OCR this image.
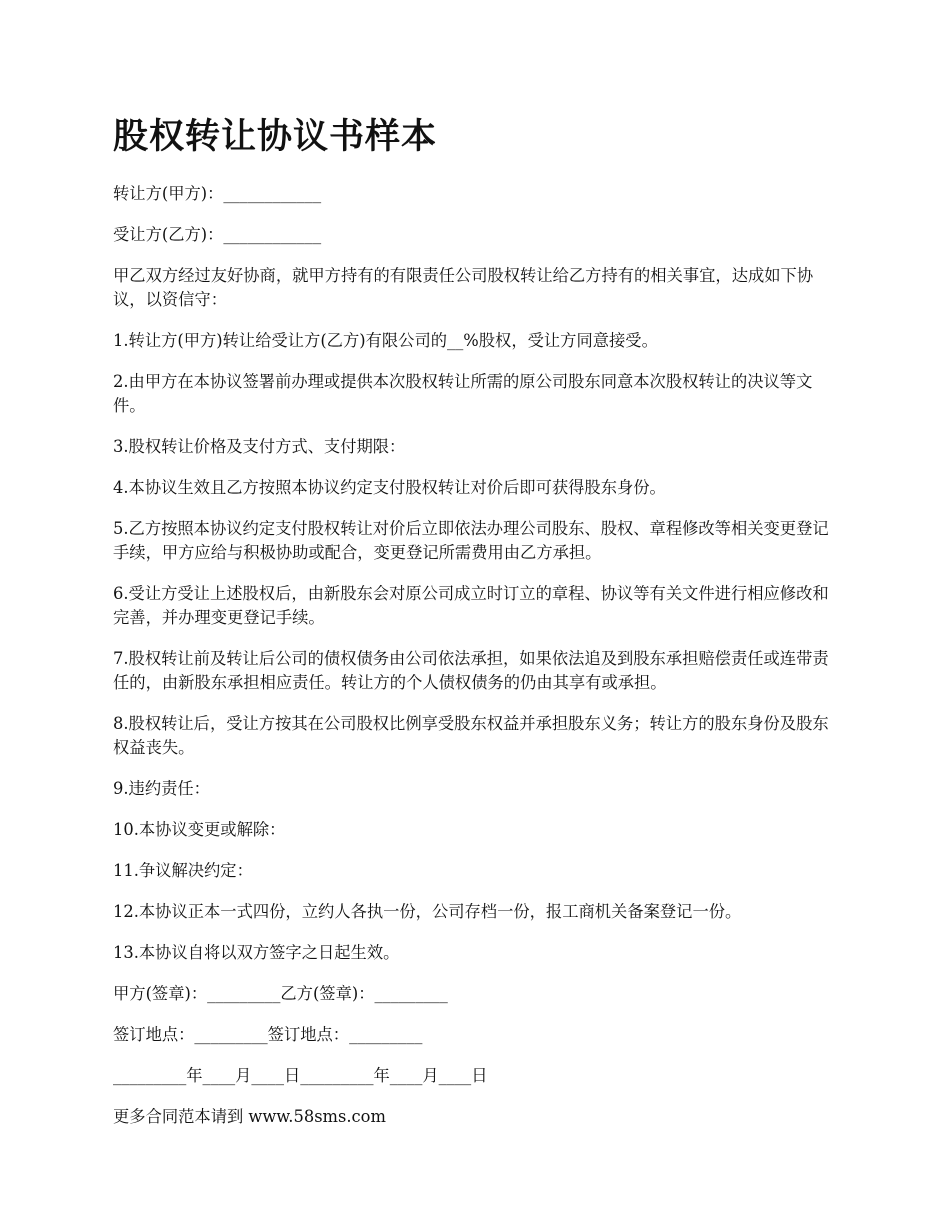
股权转让协议书样本

转让方(甲方)：____________

受让方(乙方)：____________

甲乙双方经过友好协商，就甲方持有的有限责任公司股权转让给乙方持有的相关事宜，达成如下协议，以资信守：

1.转让方(甲方)转让给受让方(乙方)有限公司的__%股权，受让方同意接受。

2.由甲方在本协议签署前办理或提供本次股权转让所需的原公司股东同意本次股权转让的决议等文件。

3.股权转让价格及支付方式、支付期限：

4.本协议生效且乙方按照本协议约定支付股权转让对价后即可获得股东身份。

5.乙方按照本协议约定支付股权转让对价后立即依法办理公司股东、股权、章程修改等相关变更登记手续，甲方应给与积极协助或配合，变更登记所需费用由乙方承担。

6.受让方受让上述股权后，由新股东会对原公司成立时订立的章程、协议等有关文件进行相应修改和完善，并办理变更登记手续。

7.股权转让前及转让后公司的债权债务由公司依法承担，如果依法追及到股东承担赔偿责任或连带责任的，由新股东承担相应责任。转让方的个人债权债务的仍由其享有或承担。

8.股权转让后，受让方按其在公司股权比例享受股东权益并承担股东义务；转让方的股东身份及股东权益丧失。

9.违约责任：

10.本协议变更或解除：

11.争议解决约定：

12.本协议正本一式四份，立约人各执一份，公司存档一份，报工商机关备案登记一份。

13.本协议自将以双方签字之日起生效。

甲方(签章)：_________乙方(签章)：_________

签订地点：_________签订地点：_________

_________年____月____日_________年____月____日

更多合同范本请到 www.58sms.com
